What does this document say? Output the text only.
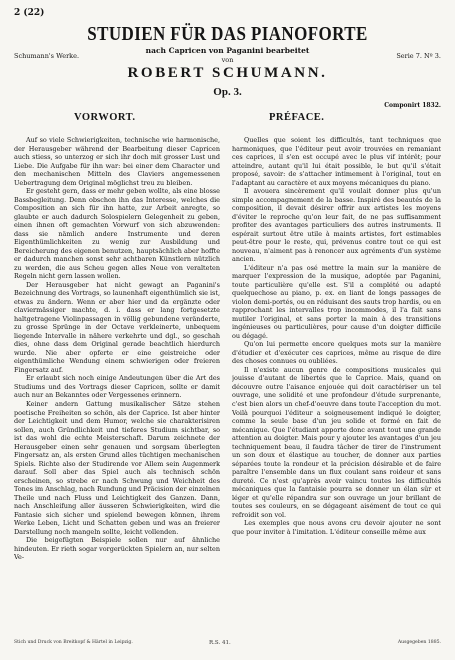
2 (22)
STUDIEN FÜR DAS PIANOFORTE
nach Capricen von Paganini bearbeitet
Schumann's Werke.	Serie 7. Nº 3.
von
ROBERT SCHUMANN.
Op. 3.
Componirt 1832.
VORWORT.	PRÉFACE.

Auf so viele Schwierigkeiten, technische wie harmonische, der Herausgeber während der Bearbeitung dieser Capricen auch stiess, so unterzog er sich ihr doch mit grosser Lust und Liebe. Die Aufgabe für ihn war: bei einer dem Character und den mechanischen Mitteln des Claviers angemessenen Uebertragung dem Original möglichst treu zu bleiben.

Er gesteht gern, dass er mehr geben wollte, als eine blosse Bassbegleitung. Denn obschon ihn das Interesse, welches die Composition an sich für ihn hatte, zur Arbeit anregte, so glaubte er auch dadurch Solospielern Gelegenheit zu geben, einen ihnen oft gemachten Vorwurf von sich abzuwenden: dass sie nämlich andere Instrumente und deren Eigenthümlichkeiten zu wenig zur Ausbildung und Bereicherung des eigenen benutzen, hauptsächlich aber hoffte er dadurch manchen sonst sehr achtbaren Künstlern nützlich zu werden, die aus Scheu gegen alles Neue von veralteten Regeln nicht gern lassen wollen.

Der Herausgeber hat nicht gewagt an Paganini's Bezeichnung des Vortrags, so launenhaft eigenthümlich sie ist, etwas zu ändern. Wenn er aber hier und da ergänzte oder claviermässiger machte, d. i. dass er lang fortgesetzte haltgetragene Violinpassagen in völlig gebundene veränderte, zu grosse Sprünge in der Octave verkleinerte, unbequem liegende Intervalle in nähere verkehrte und dgl., so geschah dies, ohne dass dem Original gerade beachtlich hierdurch wurde. Nie aber opferte er eine geistreiche oder eigenthümliche Wendung einem schwierigen oder freieren Fingersatz auf.

Er erlaubt sich noch einige Andeutungen über die Art des Studiums und des Vortrags dieser Capricen, sollte er damit auch nur an Bekanntes oder Vergessenes erinnern.

Keiner andern Gattung musikalischer Sätze stehen poetische Freiheiten so schön, als der Caprice. Ist aber hinter der Leichtigkeit und dem Humor, welche sie charakterisiren sollen, auch Gründlichkeit und tieferes Studium sichtbar, so ist das wohl die echte Meisterschaft. Darum zeichnete der Herausgeber einen sehr genauen und sorgsam überlegten Fingersatz an, als ersten Grund alles tüchtigen mechanischen Spiels. Richte also der Studirende vor Allem sein Augenmerk darauf. Soll aber das Spiel auch als technisch schön erscheinen, so strebe er nach Schwung und Weichheit des Tones im Anschlag, nach Rundung und Präcision der einzelnen Theile und nach Fluss und Leichtigkeit des Ganzen. Dann, nach Anschleifung aller äusseren Schwierigkeiten, wird die Fantasie sich sicher und spielend bewegen können, ihrem Werke Leben, Licht und Schatten geben und was an freierer Darstellung noch mangeln sollte, leicht vollenden.

Die beigefügten Beispiele sollen nur auf ähnliche hindeuten. Er rieth sogar vorgerückten Spielern an, nur selten Ve-

Quelles que soient les difficultés, tant techniques que harmoniques, que l'éditeur peut avoir trouvées en remaniant ces caprices, il s'en est occupé avec le plus vif intérêt; pour atteindre, autant qu'il lui était possible, le but qu'il s'était proposé, savoir: de s'attacher intimement à l'original, tout en l'adaptant au caractère et aux moyens mécaniques du piano.

Il avouera sincèrement qu'il voulait donner plus qu'un simple accompagnement de la basse. Inspiré des beautés de la composition, il devait désirer offrir aux artistes les moyens d'éviter le reproche qu'on leur fait, de ne pas suffisamment profiter des avantages particuliers des autres instruments. Il espérait surtout être utile à maints artistes, fort estimables peut-être pour le reste, qui, prévenus contre tout ce qui est nouveau, n'aiment pas à renoncer aux agréments d'un système ancien.

L'éditeur n'a pas osé mettre la main sur la manière de marquer l'expression de la musique, adoptée par Paganini, toute particulière qu'elle est. S'il a complété ou adapté quelquechose au piano, p. ex. en liant de longs passages de violon demi-portés, ou en réduisant des sauts trop hardis, ou en rapprochant les intervalles trop incommodes, il l'a fait sans mutiler l'original, et sans porter la main à des transitions ingénieuses ou particulières, pour cause d'un doigter difficile ou dégagé.

Qu'on lui permette encore quelques mots sur la manière d'étudier et d'exécuter ces caprices, même au risque de dire des choses connues ou oubliées.

Il n'existe aucun genre de compositions musicales qui jouisse d'autant de libertés que le Caprice. Mais, quand on découvre outre l'aisance enjouée qui doit caractériser un tel ouvrage, une solidité et une profondeur d'étude surprenante, c'est bien alors un chef-d'oeuvre dans toute l'acception du mot. Voilà pourquoi l'éditeur a soigneusement indiqué le doigter, comme la seule base d'un jeu solide et formé en fait de mécanique. Que l'étudiant apporte donc avant tout une grande attention au doigter. Mais pour y ajouter les avantages d'un jeu techniquement beau, il faudra tâcher de tirer de l'instrument un son doux et élastique au toucher, de donner aux parties séparées toute la rondeur et la précision désirable et de faire paraître l'ensemble dans un flux coulant sans roideur et sans dureté. Ce n'est qu'après avoir vaincu toutes les difficultés mécaniques que la fantaisie pourra se donner un élan sûr et léger et qu'elle répandra sur son ouvrage un jour brillant de toutes ses couleurs, en se dégageant aisément de tout ce qui refroidit son vol.

Les exemples que nous avons cru devoir ajouter ne sont que pour inviter à l'imitation. L'éditeur conseille même aux

Stich und Druck von Breitkopf & Härtel in Leipzig.	R.S. 41.	Ausgegeben 1885.
